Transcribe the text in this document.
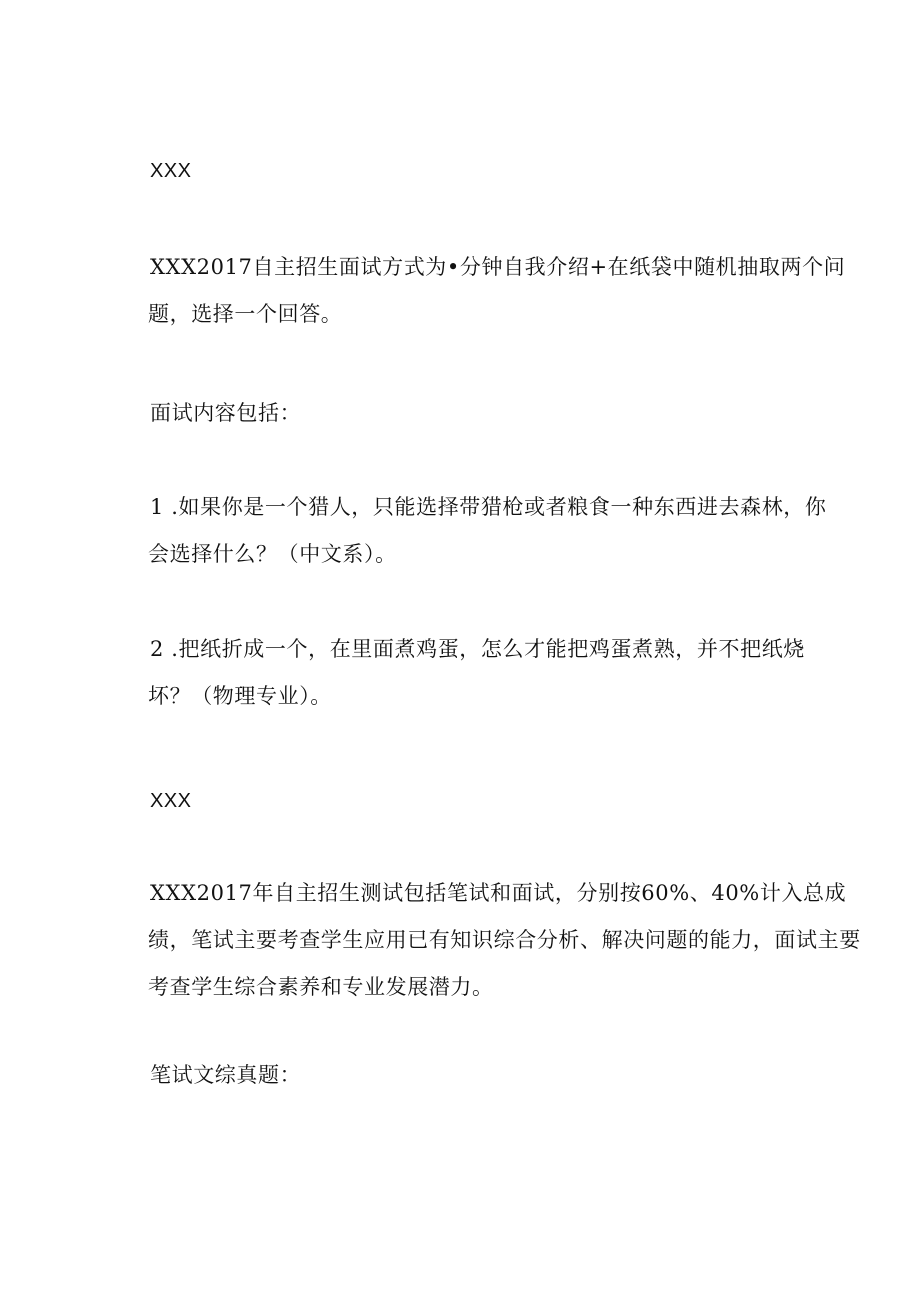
XXX

XXX2017自主招生面试方式为•分钟自我介绍+在纸袋中随机抽取两个问
题，选择一个回答。

面试内容包括：

1 .如果你是一个猎人，只能选择带猎枪或者粮食一种东西进去森林，你
会选择什么？（中文系）。

2 .把纸折成一个，在里面煮鸡蛋，怎么才能把鸡蛋煮熟，并不把纸烧
坏？（物理专业）。

XXX

XXX2017年自主招生测试包括笔试和面试，分别按60%、40%计入总成
绩，笔试主要考查学生应用已有知识综合分析、解决问题的能力，面试主要
考查学生综合素养和专业发展潜力。

笔试文综真题：
